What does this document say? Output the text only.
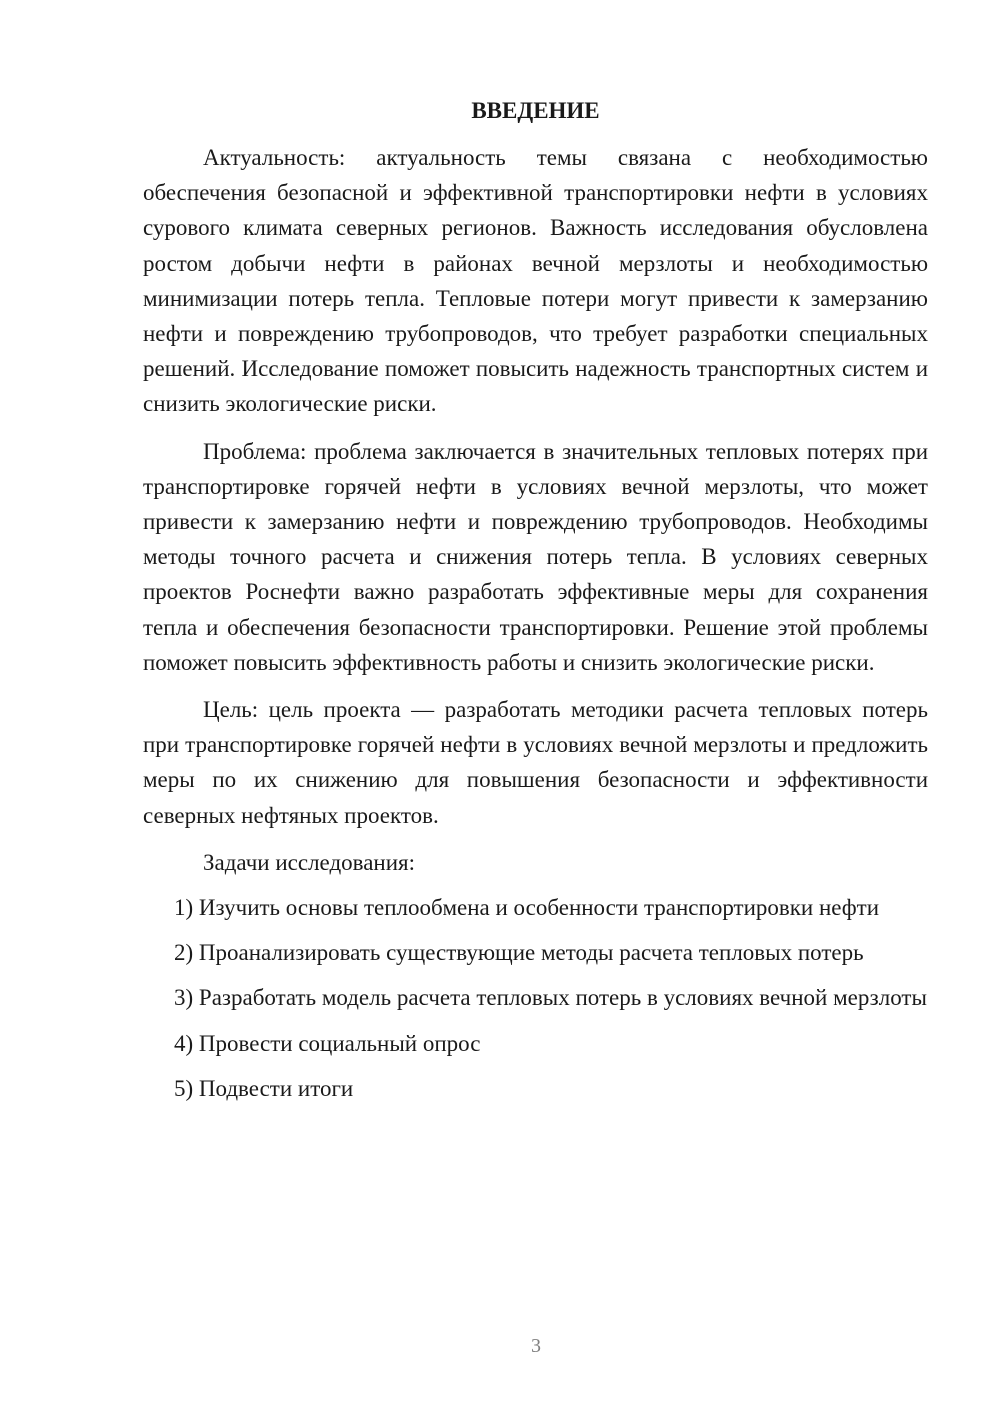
ВВЕДЕНИЕ

Актуальность: актуальность темы связана с необходимостью обеспечения безопасной и эффективной транспортировки нефти в условиях сурового климата северных регионов. Важность исследования обусловлена ростом добычи нефти в районах вечной мерзлоты и необходимостью минимизации потерь тепла. Тепловые потери могут привести к замерзанию нефти и повреждению трубопроводов, что требует разработки специальных решений. Исследование поможет повысить надежность транспортных систем и снизить экологические риски.

Проблема: проблема заключается в значительных тепловых потерях при транспортировке горячей нефти в условиях вечной мерзлоты, что может привести к замерзанию нефти и повреждению трубопроводов. Необходимы методы точного расчета и снижения потерь тепла. В условиях северных проектов Роснефти важно разработать эффективные меры для сохранения тепла и обеспечения безопасности транспортировки. Решение этой проблемы поможет повысить эффективность работы и снизить экологические риски.

Цель: цель проекта — разработать методики расчета тепловых потерь при транспортировке горячей нефти в условиях вечной мерзлоты и предложить меры по их снижению для повышения безопасности и эффективности северных нефтяных проектов.

Задачи исследования:

1) Изучить основы теплообмена и особенности транспортировки нефти

2) Проанализировать существующие методы расчета тепловых потерь

3) Разработать модель расчета тепловых потерь в условиях вечной мерзлоты

4) Провести социальный опрос

5) Подвести итоги

3
